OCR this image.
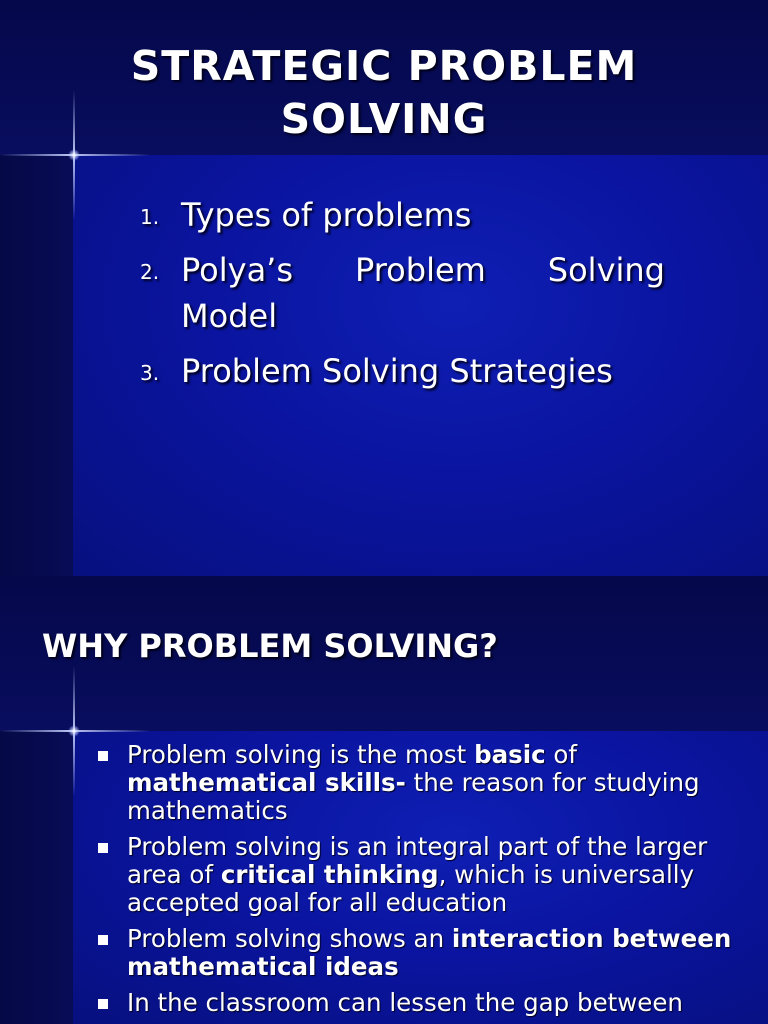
STRATEGIC PROBLEM
SOLVING
1. Types of problems
2. Polya’s Problem Solving
Model
3. Problem Solving Strategies
WHY PROBLEM SOLVING?
Problem solving is the most basic of mathematical skills- the reason for studying mathematics
Problem solving is an integral part of the larger area of critical thinking, which is universally accepted goal for all education
Problem solving shows an interaction between mathematical ideas
In the classroom can lessen the gap between
